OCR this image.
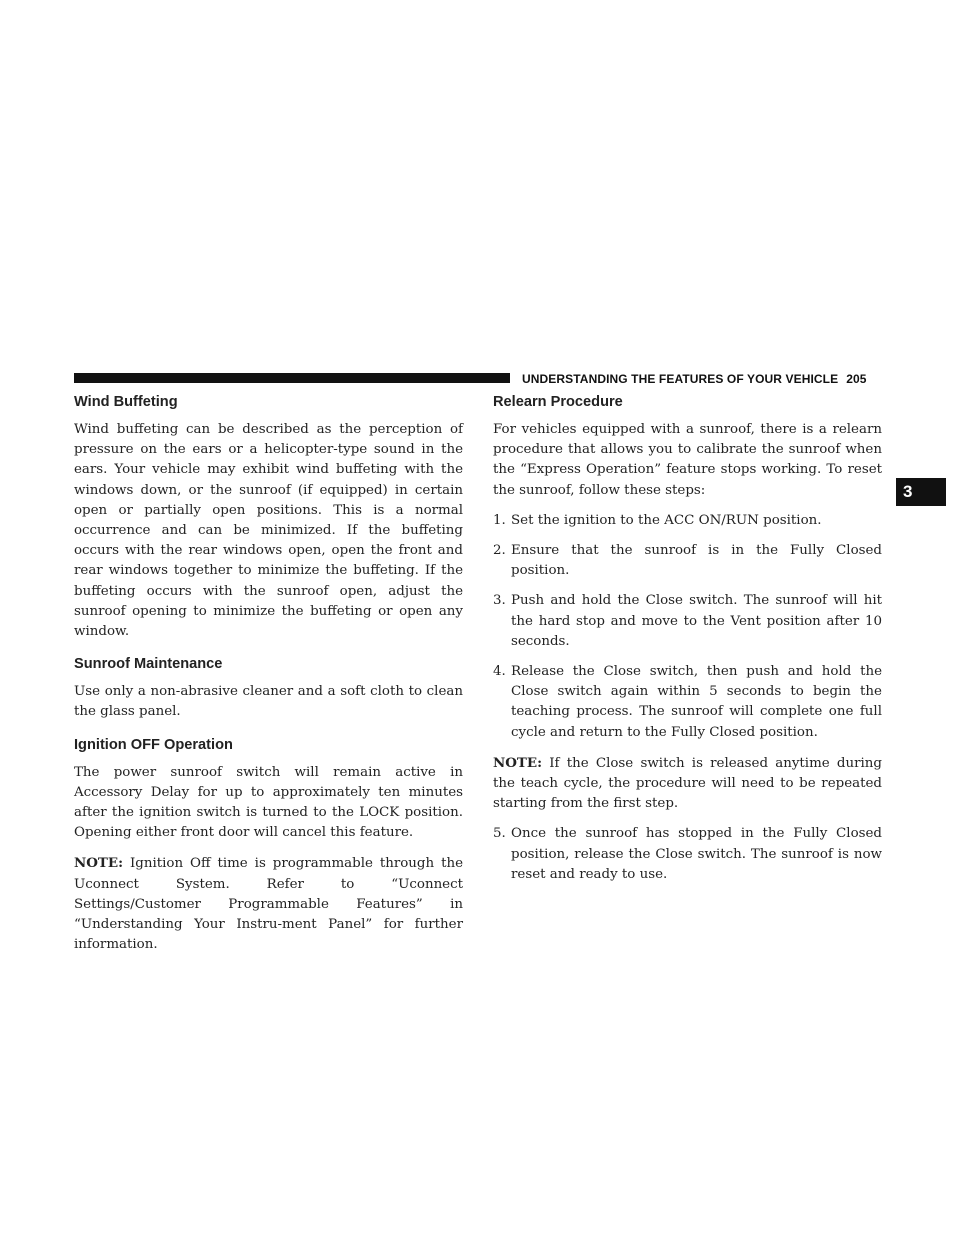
UNDERSTANDING THE FEATURES OF YOUR VEHICLE 205
3
Wind Buffeting

Wind buffeting can be described as the perception of pressure on the ears or a helicopter-type sound in the ears. Your vehicle may exhibit wind buffeting with the windows down, or the sunroof (if equipped) in certain open or partially open positions. This is a normal occurrence and can be minimized. If the buffeting occurs with the rear windows open, open the front and rear windows together to minimize the buffeting. If the buffeting occurs with the sunroof open, adjust the sunroof opening to minimize the buffeting or open any window.

Sunroof Maintenance

Use only a non-abrasive cleaner and a soft cloth to clean the glass panel.

Ignition OFF Operation

The power sunroof switch will remain active in Accessory Delay for up to approximately ten minutes after the ignition switch is turned to the LOCK position. Opening either front door will cancel this feature.

NOTE: Ignition Off time is programmable through the Uconnect System. Refer to “Uconnect Settings/Customer Programmable Features” in “Understanding Your Instru-ment Panel” for further information.

Relearn Procedure

For vehicles equipped with a sunroof, there is a relearn procedure that allows you to calibrate the sunroof when the “Express Operation” feature stops working. To reset the sunroof, follow these steps:

1. Set the ignition to the ACC ON/RUN position.
2. Ensure that the sunroof is in the Fully Closed position.
3. Push and hold the Close switch. The sunroof will hit the hard stop and move to the Vent position after 10 seconds.
4. Release the Close switch, then push and hold the Close switch again within 5 seconds to begin the teaching process. The sunroof will complete one full cycle and return to the Fully Closed position.

NOTE: If the Close switch is released anytime during the teach cycle, the procedure will need to be repeated starting from the first step.

5. Once the sunroof has stopped in the Fully Closed position, release the Close switch. The sunroof is now reset and ready to use.
